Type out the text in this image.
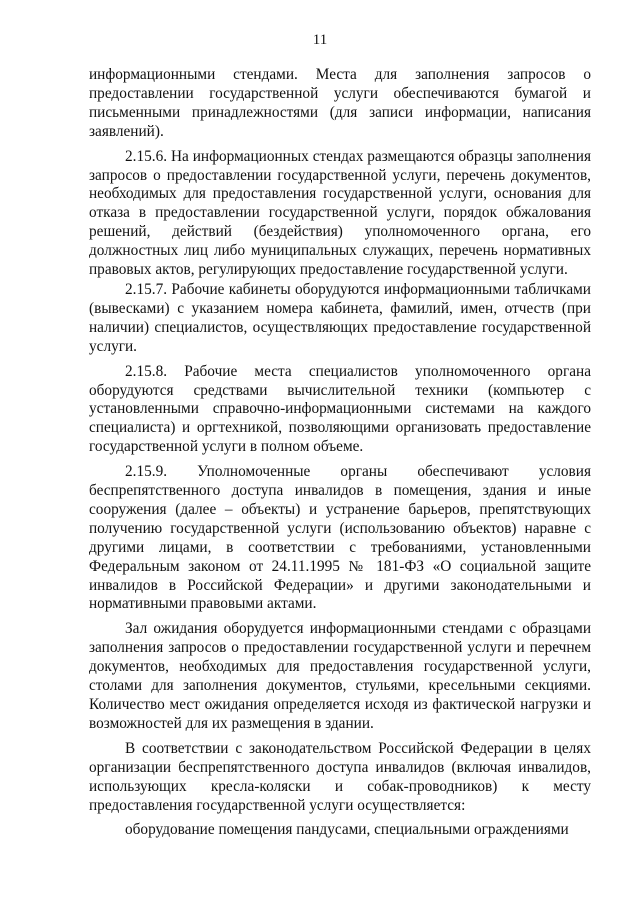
11

информационными стендами. Места для заполнения запросов о предоставлении государственной услуги обеспечиваются бумагой и письменными принадлежностями (для записи информации, написания заявлений).

2.15.6. На информационных стендах размещаются образцы заполнения запросов о предоставлении государственной услуги, перечень документов, необходимых для предоставления государственной услуги, основания для отказа в предоставлении государственной услуги, порядок обжалования решений, действий (бездействия) уполномоченного органа, его должностных лиц либо муниципальных служащих, перечень нормативных правовых актов, регулирующих предоставление государственной услуги.

2.15.7. Рабочие кабинеты оборудуются информационными табличками (вывесками) с указанием номера кабинета, фамилий, имен, отчеств (при наличии) специалистов, осуществляющих предоставление государственной услуги.

2.15.8. Рабочие места специалистов уполномоченного органа оборудуются средствами вычислительной техники (компьютер с установленными справочно-информационными системами на каждого специалиста) и оргтехникой, позволяющими организовать предоставление государственной услуги в полном объеме.

2.15.9. Уполномоченные органы обеспечивают условия беспрепятственного доступа инвалидов в помещения, здания и иные сооружения (далее – объекты) и устранение барьеров, препятствующих получению государственной услуги (использованию объектов) наравне с другими лицами, в соответствии с требованиями, установленными Федеральным законом от 24.11.1995 № 181-ФЗ «О социальной защите инвалидов в Российской Федерации» и другими законодательными и нормативными правовыми актами.

Зал ожидания оборудуется информационными стендами с образцами заполнения запросов о предоставлении государственной услуги и перечнем документов, необходимых для предоставления государственной услуги, столами для заполнения документов, стульями, кресельными секциями. Количество мест ожидания определяется исходя из фактической нагрузки и возможностей для их размещения в здании.

В соответствии с законодательством Российской Федерации в целях организации беспрепятственного доступа инвалидов (включая инвалидов, использующих кресла-коляски и собак-проводников) к месту предоставления государственной услуги осуществляется:

оборудование помещения пандусами, специальными ограждениями
